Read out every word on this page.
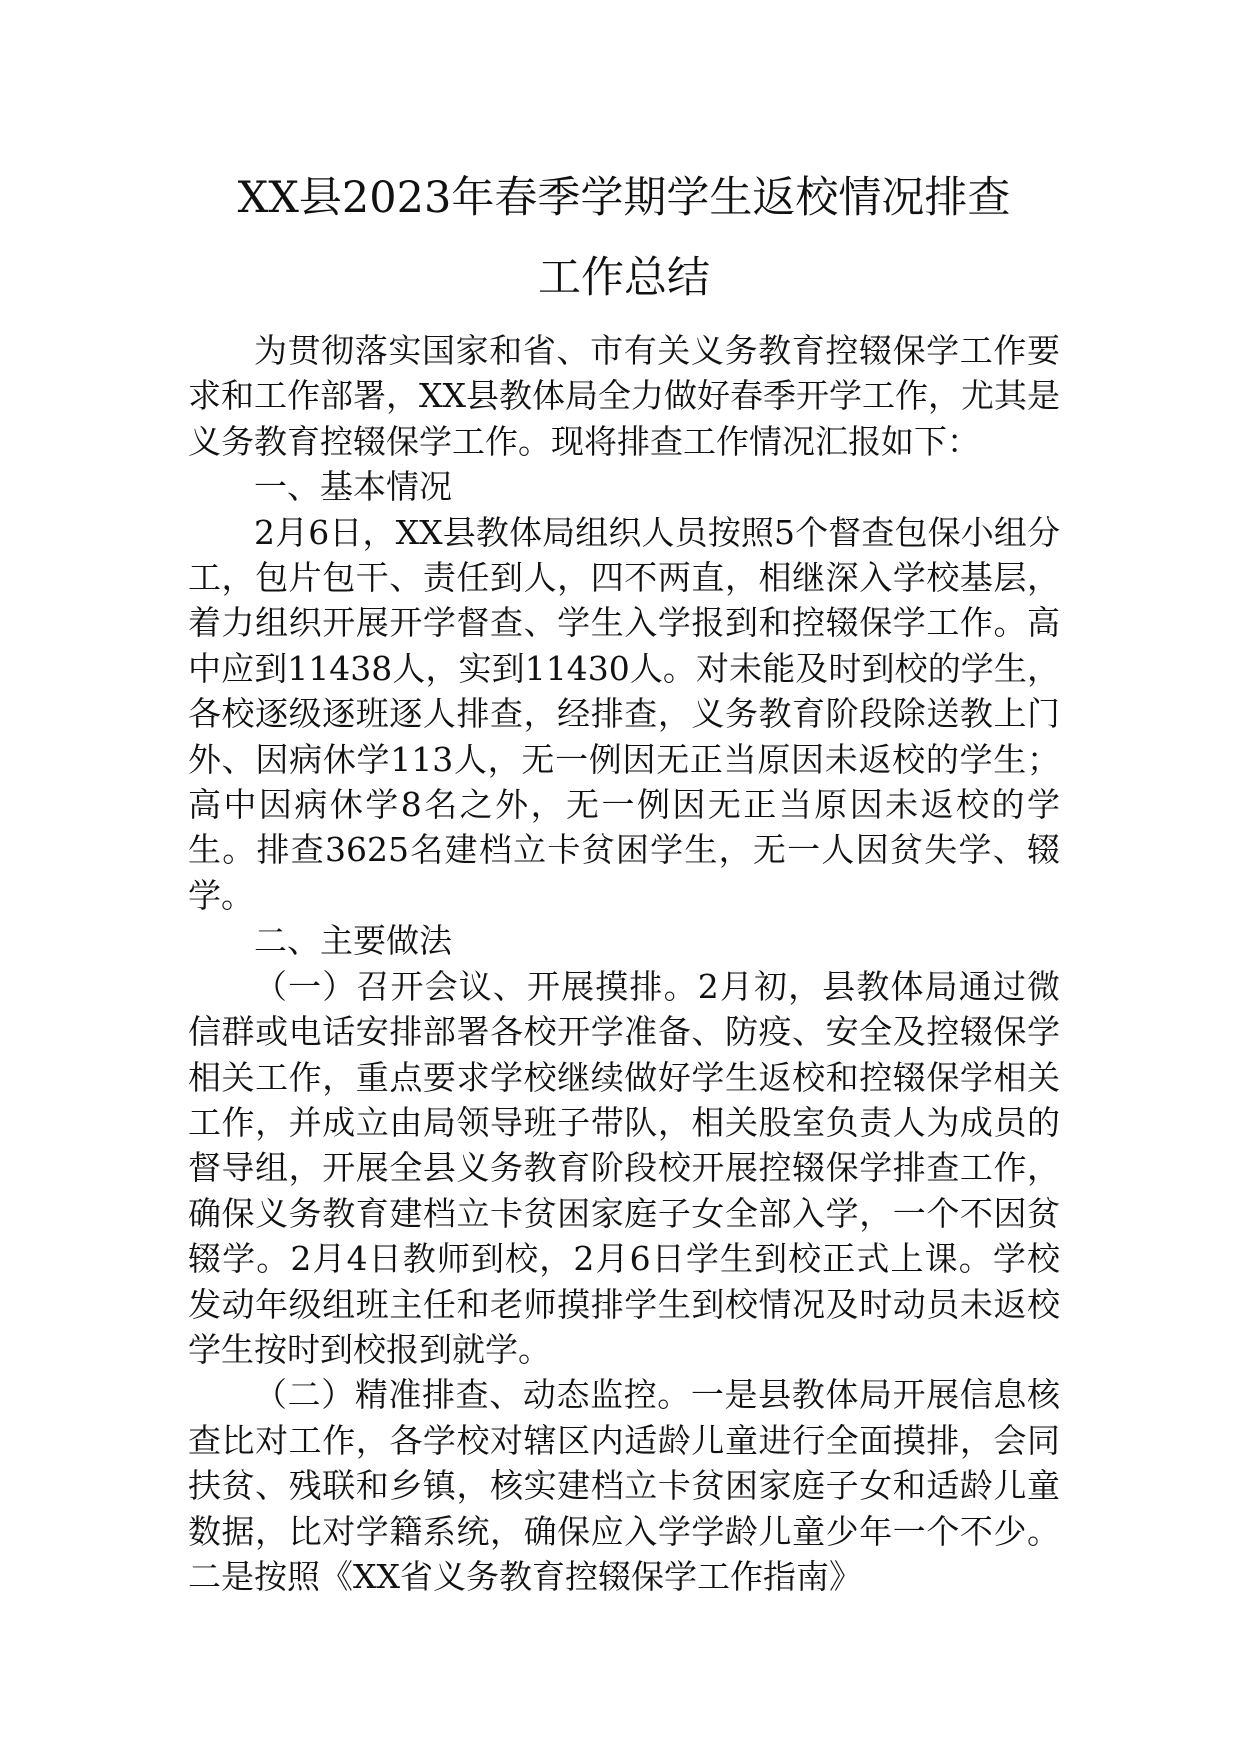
XX县2023年春季学期学生返校情况排查
工作总结

为贯彻落实国家和省、市有关义务教育控辍保学工作要求和工作部署，XX县教体局全力做好春季开学工作，尤其是义务教育控辍保学工作。现将排查工作情况汇报如下：

一、基本情况

2月6日，XX县教体局组织人员按照5个督查包保小组分工，包片包干、责任到人，四不两直，相继深入学校基层，着力组织开展开学督查、学生入学报到和控辍保学工作。高中应到11438人，实到11430人。对未能及时到校的学生，各校逐级逐班逐人排查，经排查，义务教育阶段除送教上门外、因病休学113人，无一例因无正当原因未返校的学生；高中因病休学8名之外，无一例因无正当原因未返校的学生。排查3625名建档立卡贫困学生，无一人因贫失学、辍学。

二、主要做法

（一）召开会议、开展摸排。2月初，县教体局通过微信群或电话安排部署各校开学准备、防疫、安全及控辍保学相关工作，重点要求学校继续做好学生返校和控辍保学相关工作，并成立由局领导班子带队，相关股室负责人为成员的督导组，开展全县义务教育阶段校开展控辍保学排查工作，确保义务教育建档立卡贫困家庭子女全部入学，一个不因贫辍学。2月4日教师到校，2月6日学生到校正式上课。学校发动年级组班主任和老师摸排学生到校情况及时动员未返校学生按时到校报到就学。

（二）精准排查、动态监控。一是县教体局开展信息核查比对工作，各学校对辖区内适龄儿童进行全面摸排，会同扶贫、残联和乡镇，核实建档立卡贫困家庭子女和适龄儿童数据，比对学籍系统，确保应入学学龄儿童少年一个不少。二是按照《XX省义务教育控辍保学工作指南》
